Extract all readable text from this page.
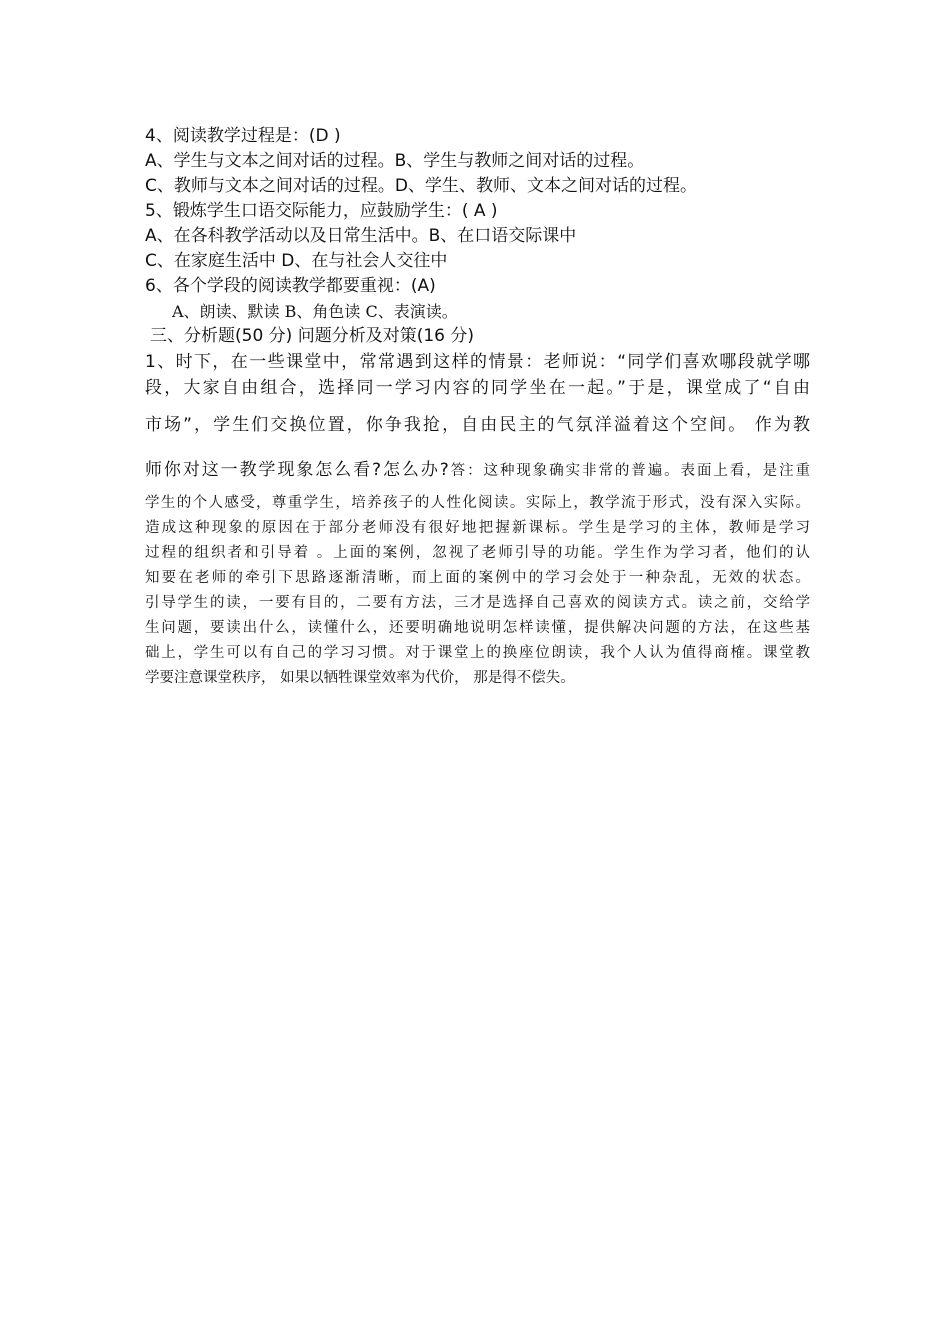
4、阅读教学过程是：(D )
A、学生与文本之间对话的过程。B、学生与教师之间对话的过程。
C、教师与文本之间对话的过程。D、学生、教师、文本之间对话的过程。
5、锻炼学生口语交际能力，应鼓励学生：( A )
A、在各科教学活动以及日常生活中。B、在口语交际课中
C、在家庭生活中 D、在与社会人交往中
6、各个学段的阅读教学都要重视：(A)
A、朗读、默读 B、角色读 C、表演读。
三、分析题(50 分) 问题分析及对策(16 分)
1、时下，在一些课堂中，常常遇到这样的情景：老师说：“同学们喜欢哪段就学哪
段，大家自由组合，选择同一学习内容的同学坐在一起。”于是，课堂成了“自由
市场”，学生们交换位置，你争我抢，自由民主的气氛洋溢着这个空间。 作为教
师你对这一教学现象怎么看?怎么办?答：这种现象确实非常的普遍。表面上看，是注重
学生的个人感受，尊重学生，培养孩子的人性化阅读。实际上，教学流于形式，没有深入实际。
造成这种现象的原因在于部分老师没有很好地把握新课标。学生是学习的主体，教师是学习
过程的组织者和引导着 。上面的案例，忽视了老师引导的功能。学生作为学习者，他们的认
知要在老师的牵引下思路逐渐清晰，而上面的案例中的学习会处于一种杂乱，无效的状态。
引导学生的读，一要有目的，二要有方法，三才是选择自己喜欢的阅读方式。读之前，交给学
生问题，要读出什么，读懂什么，还要明确地说明怎样读懂，提供解决问题的方法，在这些基
础上，学生可以有自己的学习习惯。对于课堂上的换座位朗读，我个人认为值得商榷。课堂教
学要注意课堂秩序， 如果以牺牲课堂效率为代价， 那是得不偿失。
